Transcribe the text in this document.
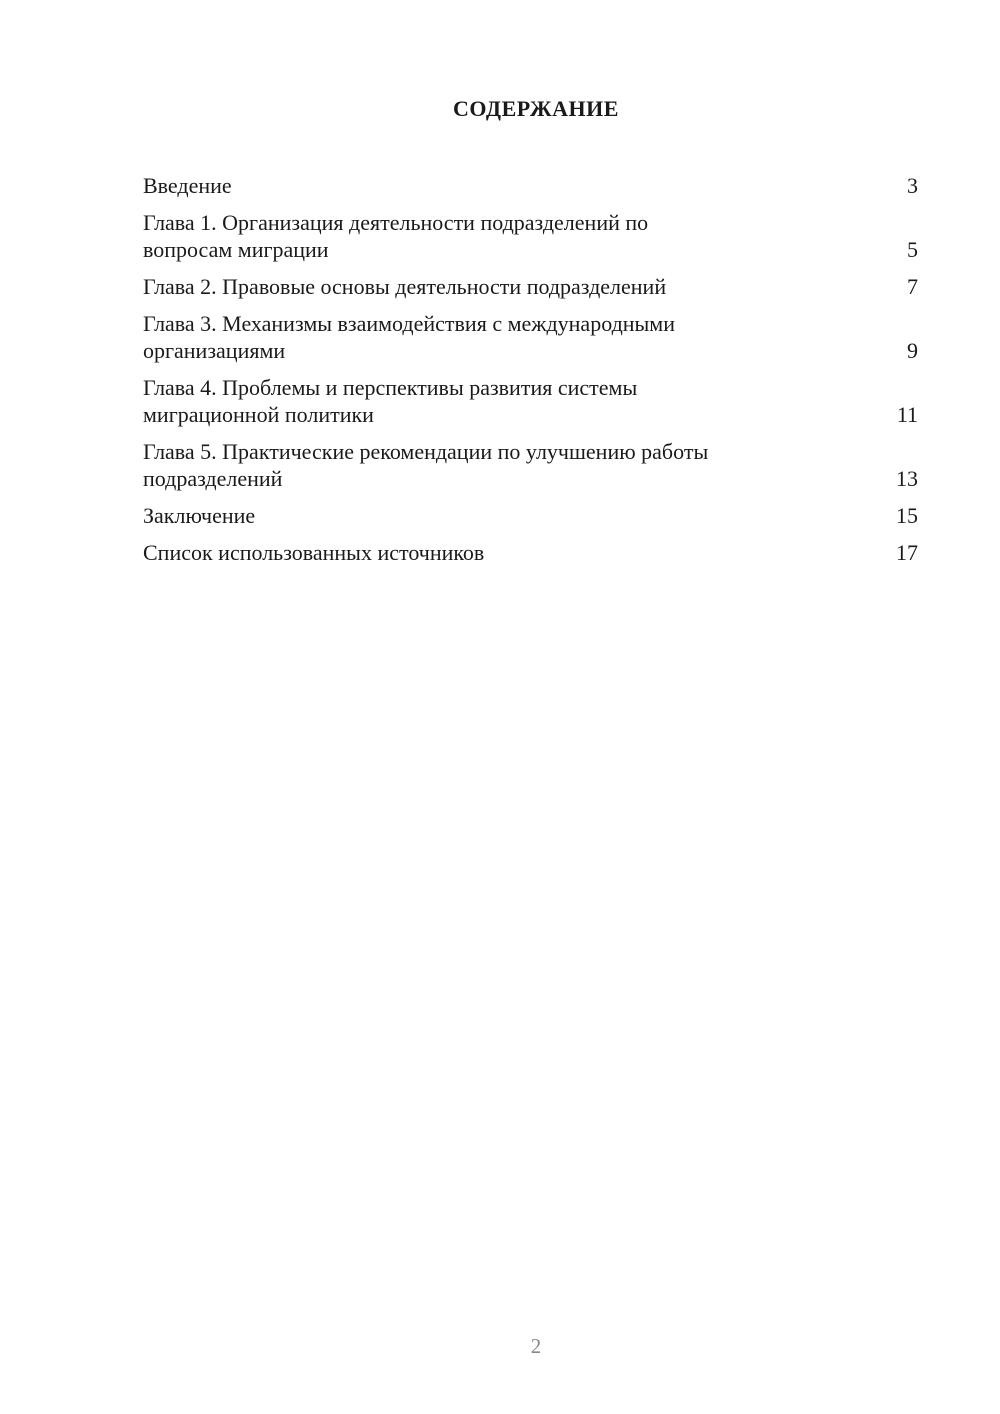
СОДЕРЖАНИЕ
Введение	3
Глава 1. Организация деятельности подразделений по
вопросам миграции	5
Глава 2. Правовые основы деятельности подразделений	7
Глава 3. Механизмы взаимодействия с международными
организациями	9
Глава 4. Проблемы и перспективы развития системы
миграционной политики	11
Глава 5. Практические рекомендации по улучшению работы
подразделений	13
Заключение	15
Список использованных источников	17
2
